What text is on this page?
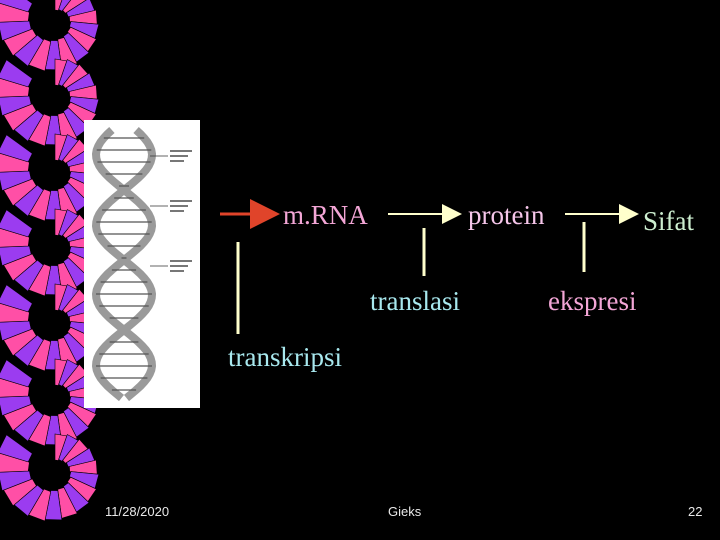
m.RNA	protein	Sifat
translasi	ekspresi
transkripsi
11/28/2020	Gieks	22
